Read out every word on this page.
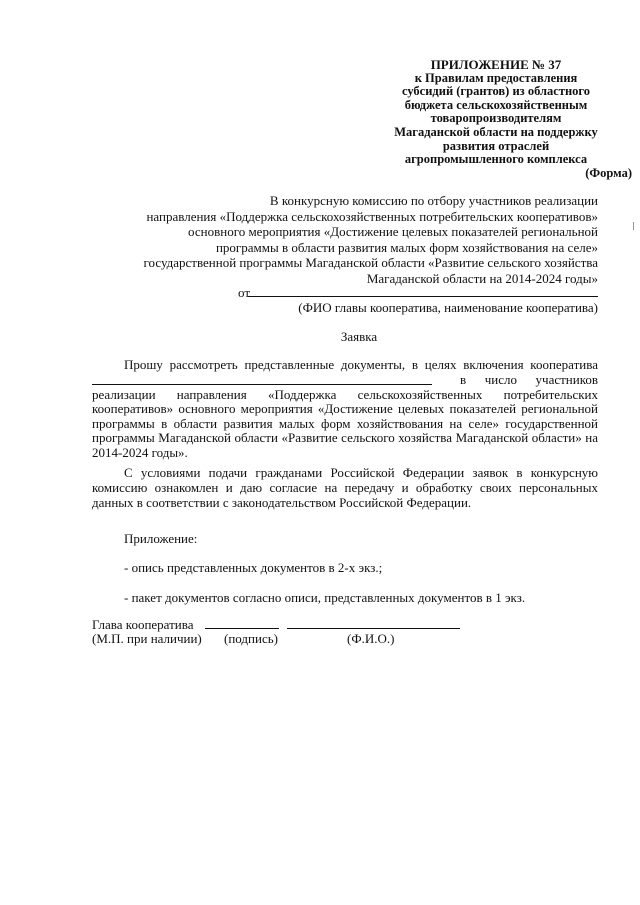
ПРИЛОЖЕНИЕ № 37
к Правилам предоставления
субсидий (грантов) из областного
бюджета сельскохозяйственным
товаропроизводителям
Магаданской области на поддержку
развития отраслей
агропромышленного комплекса
(Форма)
В конкурсную комиссию по отбору участников реализации
направления «Поддержка сельскохозяйственных потребительских кооперативов»
основного мероприятия «Достижение целевых показателей региональной
программы в области развития малых форм хозяйствования на селе»
государственной программы Магаданской области «Развитие сельского хозяйства
Магаданской области на 2014-2024 годы»
от
(ФИО главы кооператива, наименование кооператива)
Заявка
Прошу рассмотреть представленные документы, в целях включения кооператива
в число участников
реализации направления «Поддержка сельскохозяйственных потребительских кооперативов» основного мероприятия «Достижение целевых показателей региональной программы в области развития малых форм хозяйствования на селе» государственной программы Магаданской области «Развитие сельского хозяйства Магаданской области» на 2014-2024 годы».
С условиями подачи гражданами Российской Федерации заявок в конкурсную комиссию ознакомлен и даю согласие на передачу и обработку своих персональных данных в соответствии с законодательством Российской Федерации.
Приложение:
- опись представленных документов в 2-х экз.;
- пакет документов согласно описи, представленных документов в 1 экз.
Глава кооператива
(М.П. при наличии) (подпись)	(Ф.И.О.)
